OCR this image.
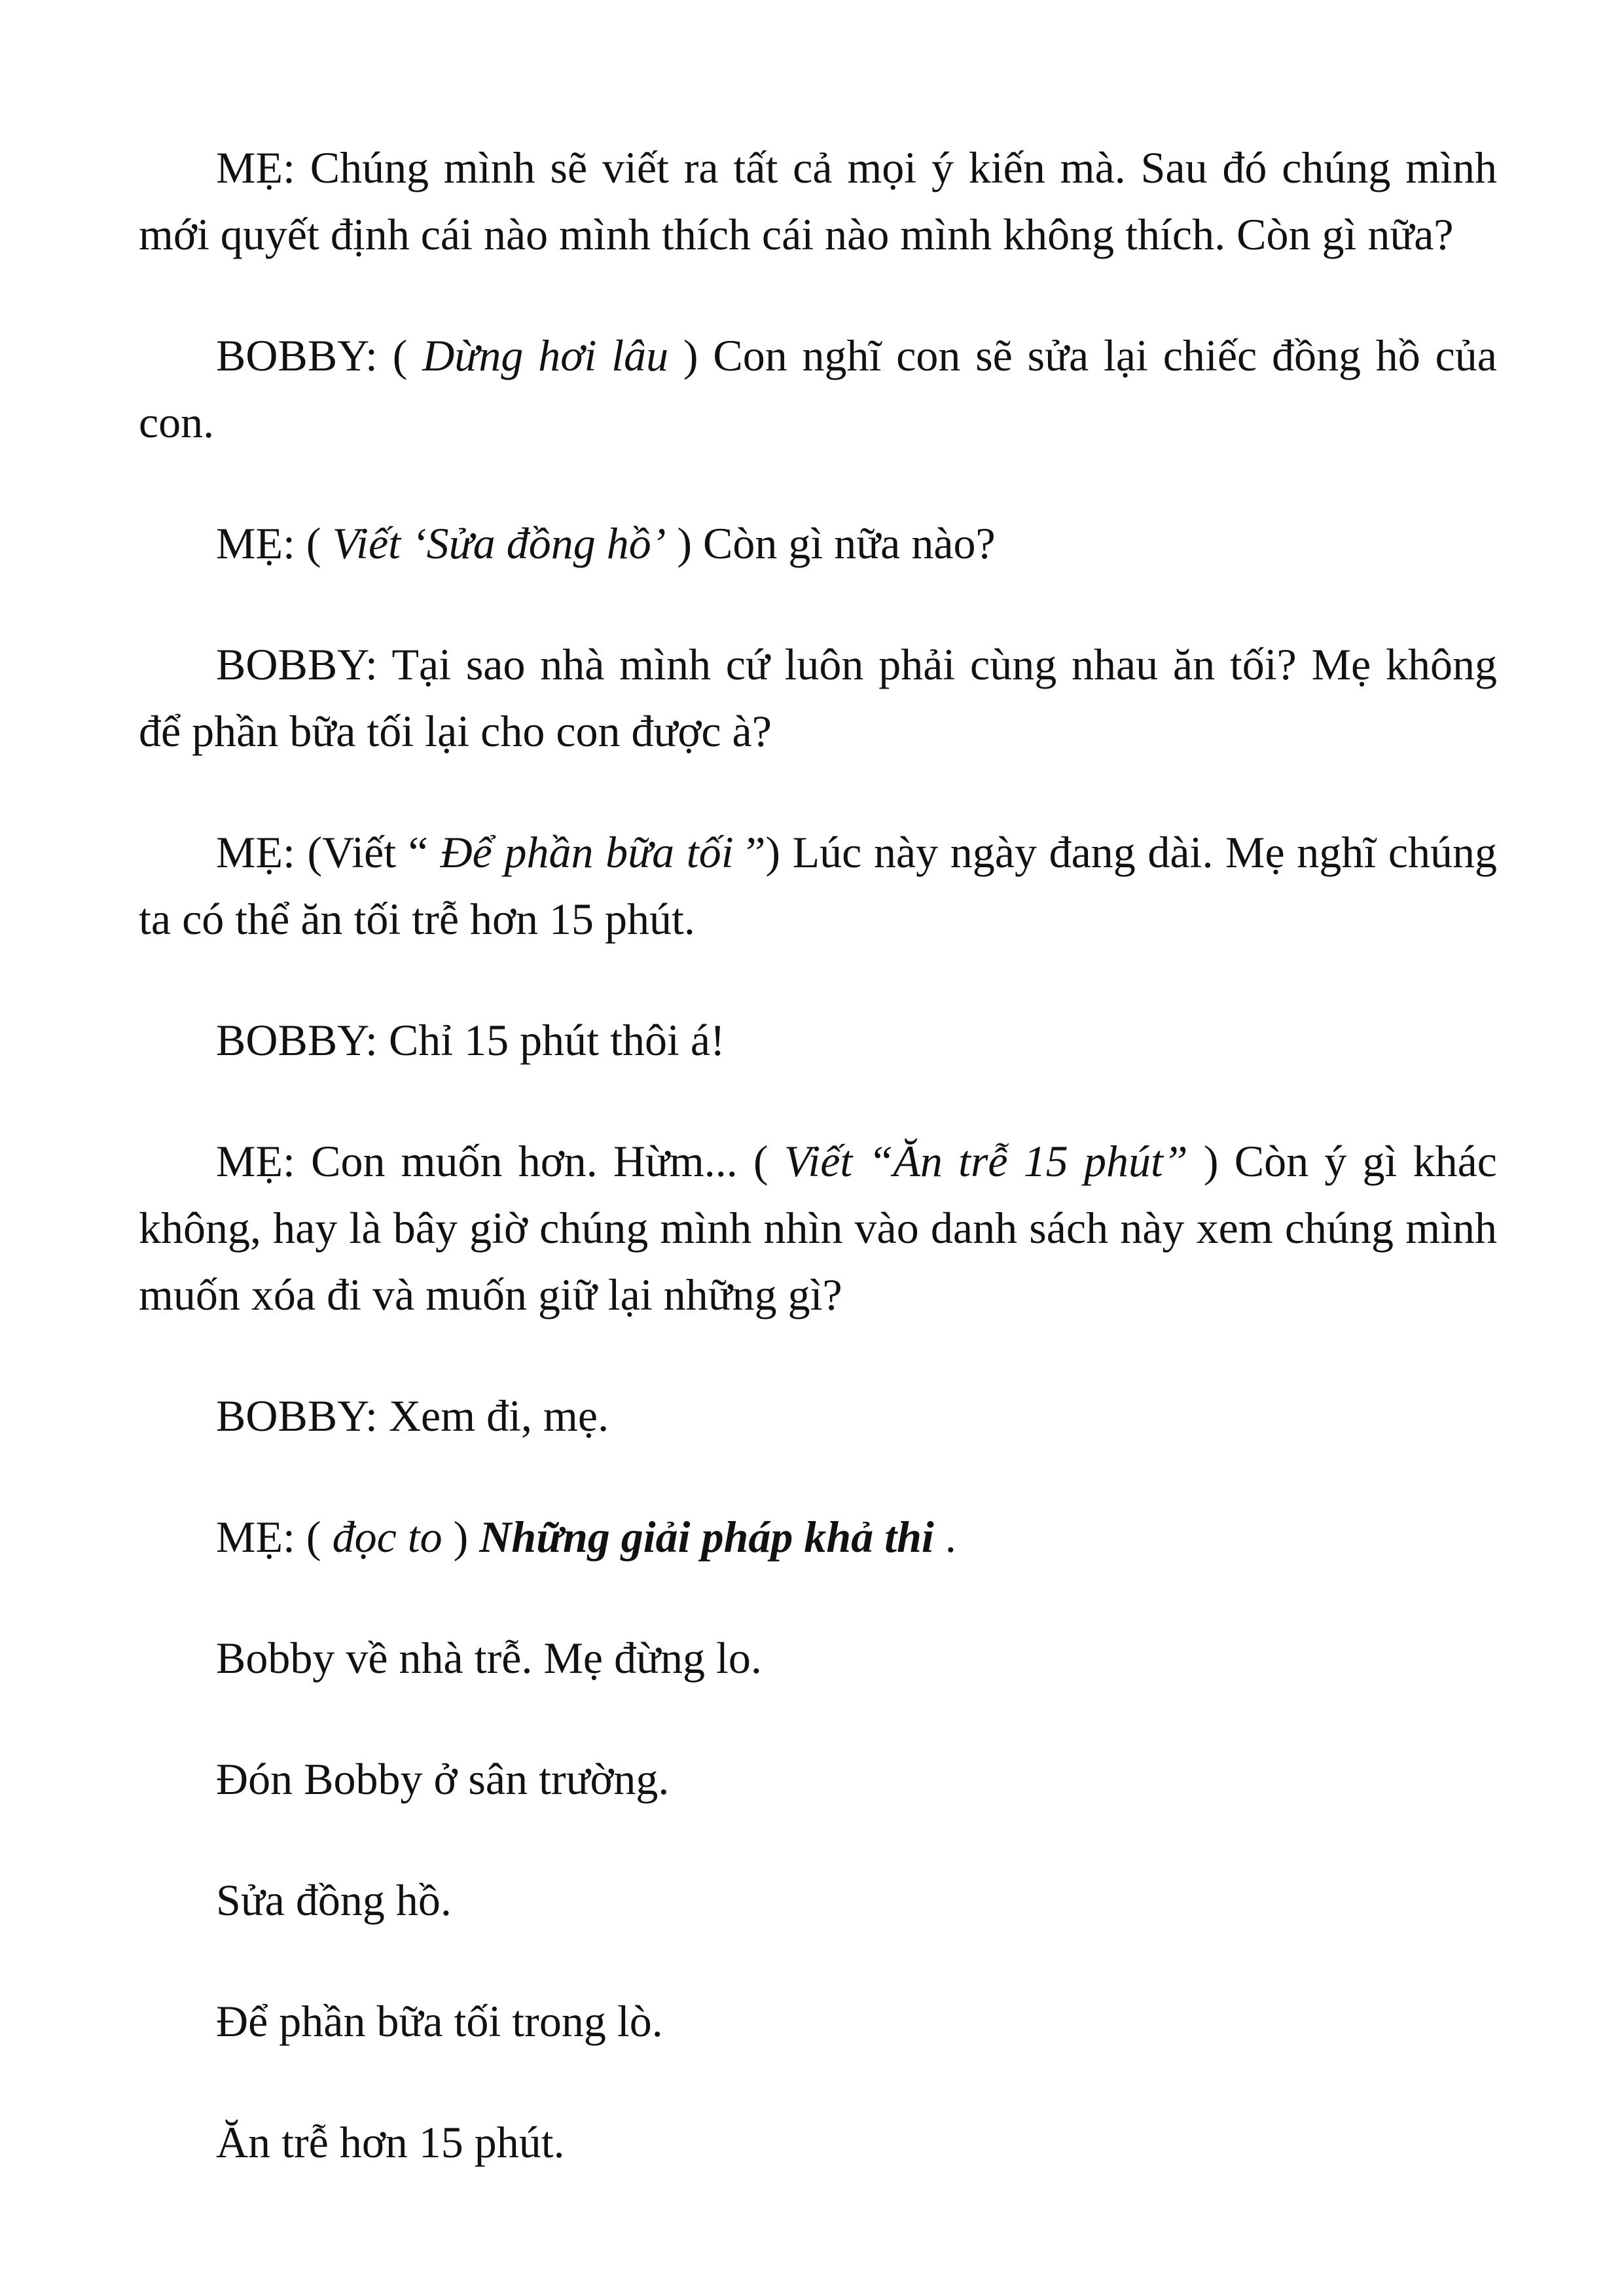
MẸ: Chúng mình sẽ viết ra tất cả mọi ý kiến mà. Sau đó chúng mình mới quyết định cái nào mình thích cái nào mình không thích. Còn gì nữa?

BOBBY: ( Dừng hơi lâu ) Con nghĩ con sẽ sửa lại chiếc đồng hồ của con.

MẸ: ( Viết ‘Sửa đồng hồ’ ) Còn gì nữa nào?

BOBBY: Tại sao nhà mình cứ luôn phải cùng nhau ăn tối? Mẹ không để phần bữa tối lại cho con được à?

MẸ: (Viết “ Để phần bữa tối ”) Lúc này ngày đang dài. Mẹ nghĩ chúng ta có thể ăn tối trễ hơn 15 phút.

BOBBY: Chỉ 15 phút thôi á!

MẸ: Con muốn hơn. Hừm... ( Viết “Ăn trễ 15 phút” ) Còn ý gì khác không, hay là bây giờ chúng mình nhìn vào danh sách này xem chúng mình muốn xóa đi và muốn giữ lại những gì?

BOBBY: Xem đi, mẹ.

MẸ: ( đọc to ) Những giải pháp khả thi .

Bobby về nhà trễ. Mẹ đừng lo.

Đón Bobby ở sân trường.

Sửa đồng hồ.

Để phần bữa tối trong lò.

Ăn trễ hơn 15 phút.
